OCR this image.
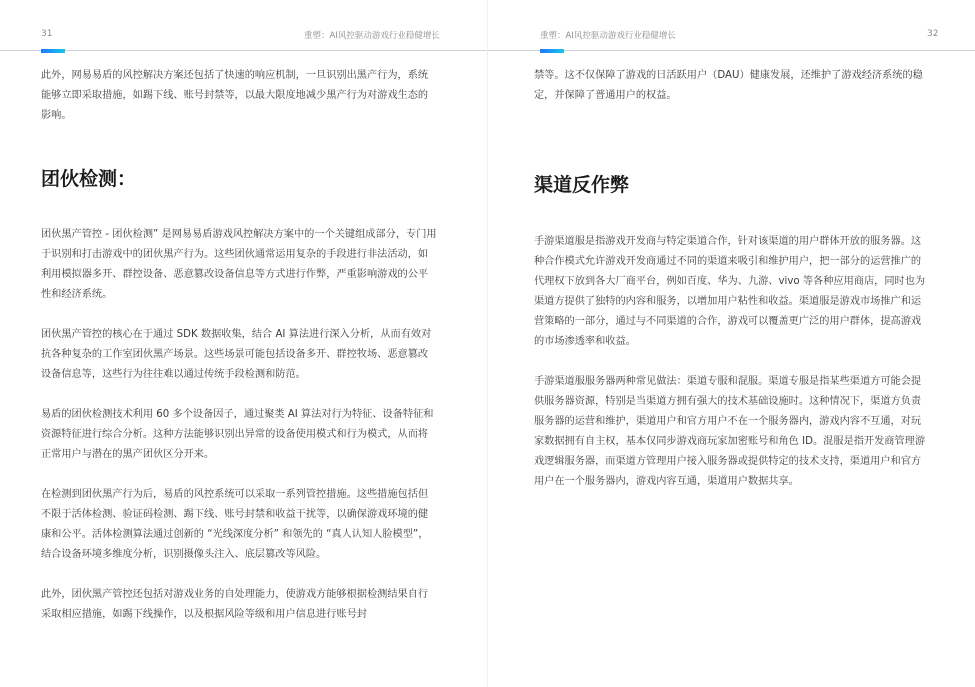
31	重塑：AI风控驱动游戏行业稳健增长
此外，网易易盾的风控解决方案还包括了快速的响应机制，一旦识别出黑产行为，系统能够立即采取措施，如踢下线、账号封禁等，以最大限度地减少黑产行为对游戏生态的影响。
团伙检测：
团伙黑产管控 - 团伙检测” 是网易易盾游戏风控解决方案中的一个关键组成部分，专门用于识别和打击游戏中的团伙黑产行为。这些团伙通常运用复杂的手段进行非法活动，如利用模拟器多开、群控设备、恶意篡改设备信息等方式进行作弊，严重影响游戏的公平性和经济系统。
团伙黑产管控的核心在于通过 SDK 数据收集，结合 AI 算法进行深入分析，从而有效对抗各种复杂的工作室团伙黑产场景。这些场景可能包括设备多开、群控牧场、恶意篡改设备信息等，这些行为往往难以通过传统手段检测和防范。
易盾的团伙检测技术利用 60 多个设备因子，通过聚类 AI 算法对行为特征、设备特征和资源特征进行综合分析。这种方法能够识别出异常的设备使用模式和行为模式，从而将正常用户与潜在的黑产团伙区分开来。
在检测到团伙黑产行为后，易盾的风控系统可以采取一系列管控措施。这些措施包括但不限于活体检测、验证码检测、踢下线、账号封禁和收益干扰等，以确保游戏环境的健康和公平。活体检测算法通过创新的 “光线深度分析” 和领先的 “真人认知人脸模型”，结合设备环境多维度分析，识别摄像头注入、底层篡改等风险。
此外，团伙黑产管控还包括对游戏业务的自处理能力，使游戏方能够根据检测结果自行采取相应措施，如踢下线操作，以及根据风险等级和用户信息进行账号封
重塑：AI风控驱动游戏行业稳健增长	32
禁等。这不仅保障了游戏的日活跃用户（DAU）健康发展，还维护了游戏经济系统的稳定，并保障了普通用户的权益。
渠道反作弊
手游渠道服是指游戏开发商与特定渠道合作，针对该渠道的用户群体开放的服务器。这种合作模式允许游戏开发商通过不同的渠道来吸引和维护用户，把一部分的运营推广的代理权下放到各大厂商平台，例如百度、华为、九游、vivo 等各种应用商店，同时也为渠道方提供了独特的内容和服务，以增加用户粘性和收益。渠道服是游戏市场推广和运营策略的一部分，通过与不同渠道的合作，游戏可以覆盖更广泛的用户群体，提高游戏的市场渗透率和收益。
手游渠道服服务器两种常见做法：渠道专服和混服。渠道专服是指某些渠道方可能会提供服务器资源，特别是当渠道方拥有强大的技术基础设施时。这种情况下，渠道方负责服务器的运营和维护，渠道用户和官方用户不在一个服务器内，游戏内容不互通，对玩家数据拥有自主权，基本仅同步游戏商玩家加密账号和角色 ID。混服是指开发商管理游戏逻辑服务器，而渠道方管理用户接入服务器或提供特定的技术支持，渠道用户和官方用户在一个服务器内，游戏内容互通，渠道用户数据共享。
